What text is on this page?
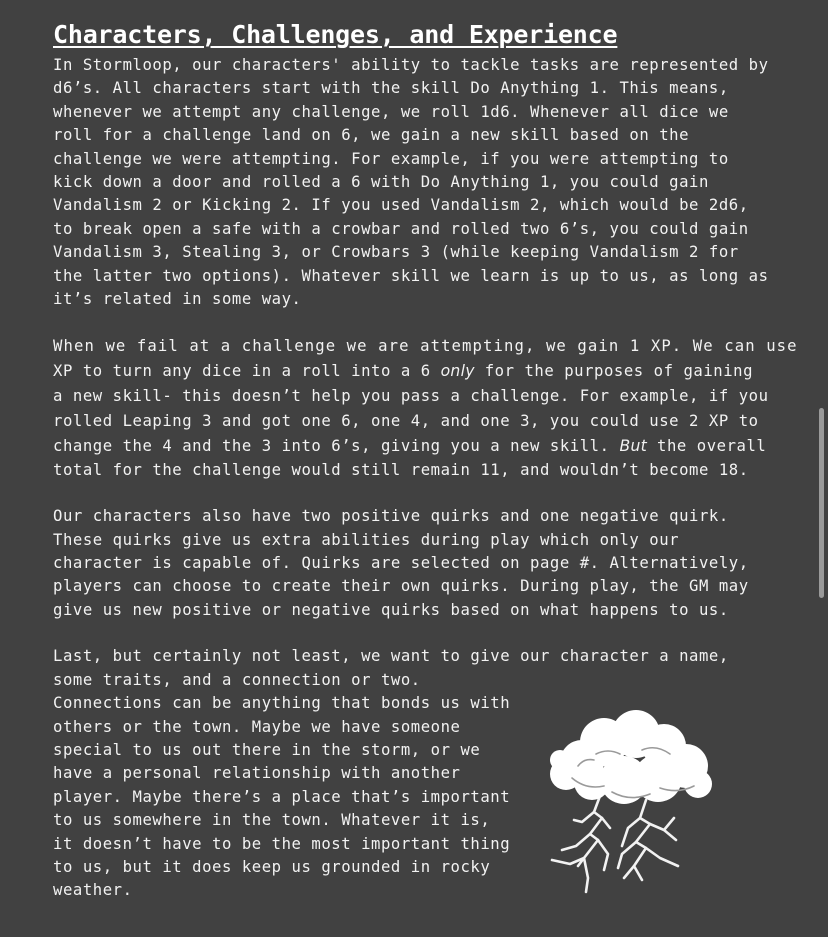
Characters, Challenges, and Experience
In Stormloop, our characters' ability to tackle tasks are represented by
d6’s. All characters start with the skill Do Anything 1. This means,
whenever we attempt any challenge, we roll 1d6. Whenever all dice we
roll for a challenge land on 6, we gain a new skill based on the
challenge we were attempting. For example, if you were attempting to
kick down a door and rolled a 6 with Do Anything 1, you could gain
Vandalism 2 or Kicking 2. If you used Vandalism 2, which would be 2d6,
to break open a safe with a crowbar and rolled two 6’s, you could gain
Vandalism 3, Stealing 3, or Crowbars 3 (while keeping Vandalism 2 for
the latter two options). Whatever skill we learn is up to us, as long as
it’s related in some way.
When we fail at a challenge we are attempting, we gain 1 XP. We can use
XP to turn any dice in a roll into a 6 only for the purposes of gaining
a new skill- this doesn’t help you pass a challenge. For example, if you
rolled Leaping 3 and got one 6, one 4, and one 3, you could use 2 XP to
change the 4 and the 3 into 6’s, giving you a new skill. But the overall
total for the challenge would still remain 11, and wouldn’t become 18.
Our characters also have two positive quirks and one negative quirk.
These quirks give us extra abilities during play which only our
character is capable of. Quirks are selected on page #. Alternatively,
players can choose to create their own quirks. During play, the GM may
give us new positive or negative quirks based on what happens to us.
Last, but certainly not least, we want to give our character a name,
some traits, and a connection or two.
Connections can be anything that bonds us with
others or the town. Maybe we have someone
special to us out there in the storm, or we
have a personal relationship with another
player. Maybe there’s a place that’s important
to us somewhere in the town. Whatever it is,
it doesn’t have to be the most important thing
to us, but it does keep us grounded in rocky
weather.
